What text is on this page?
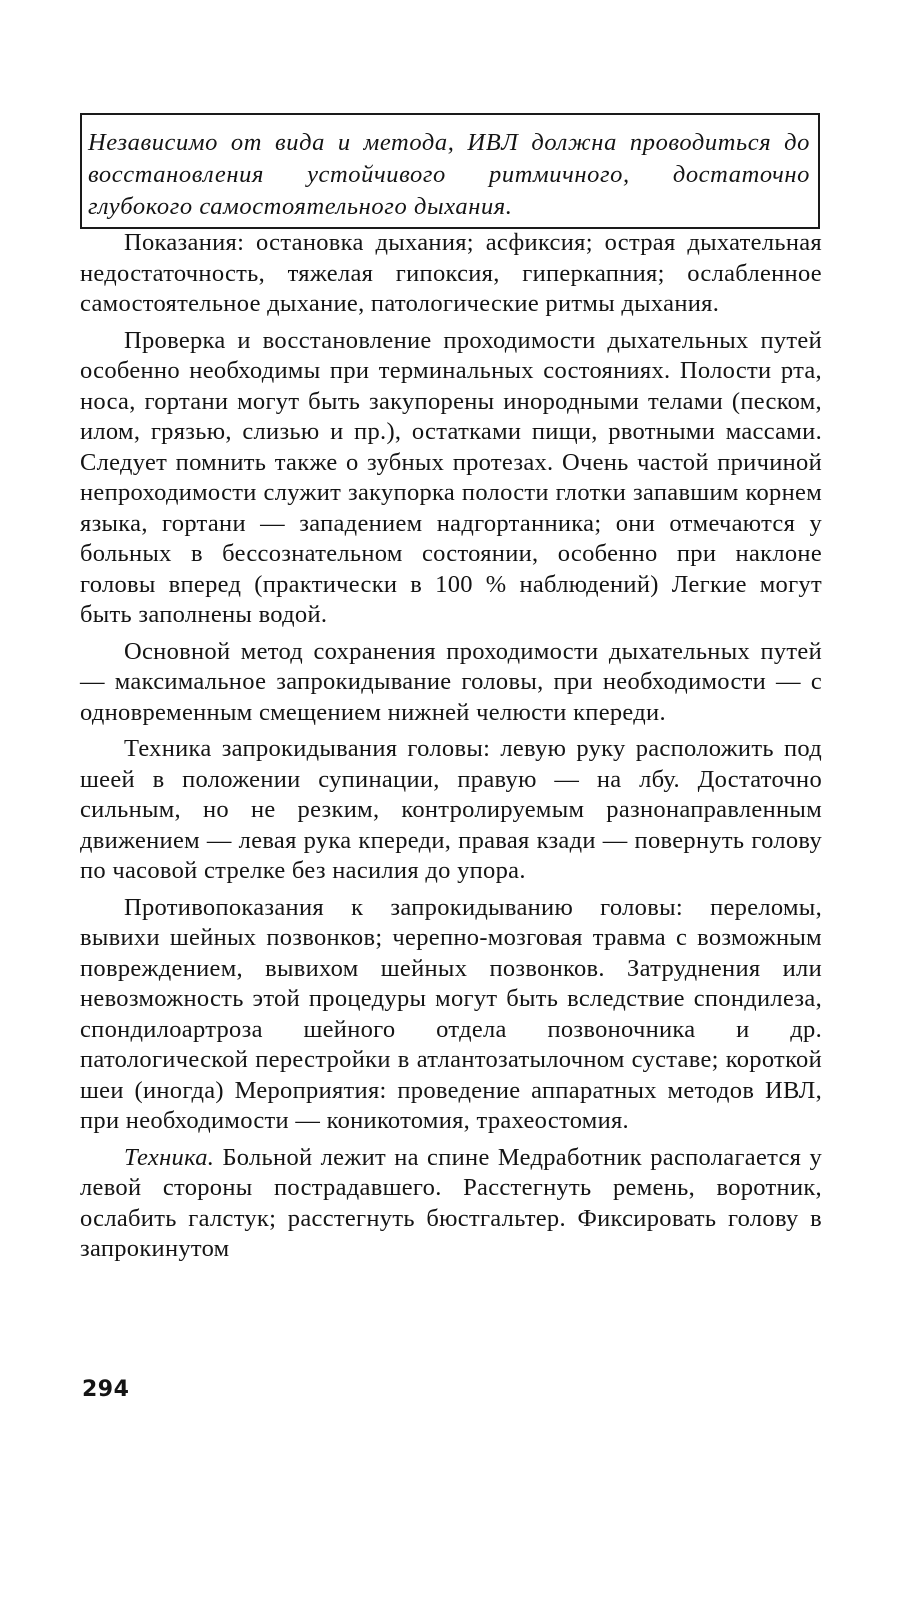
Независимо от вида и метода, ИВЛ должна проводиться до восстановления устойчивого ритмичного, достаточно глубокого самостоятельного дыхания.

Показания: остановка дыхания; асфиксия; острая дыхательная недостаточность, тяжелая гипоксия, гиперкапния; ослабленное самостоятельное дыхание, патологические ритмы дыхания.

Проверка и восстановление проходимости дыхательных путей особенно необходимы при терминальных состояниях. Полости рта, носа, гортани могут быть закупорены инородными телами (песком, илом, грязью, слизью и пр.), остатками пищи, рвотными массами. Следует помнить также о зубных протезах. Очень частой причиной непроходимости служит закупорка полости глотки запавшим корнем языка, гортани — западением надгортанника; они отмечаются у больных в бессознательном состоянии, особенно при наклоне головы вперед (практически в 100 % наблюдений) Легкие могут быть заполнены водой.

Основной метод сохранения проходимости дыхательных путей — максимальное запрокидывание головы, при необходимости — с одновременным смещением нижней челюсти кпереди.

Техника запрокидывания головы: левую руку расположить под шеей в положении супинации, правую — на лбу. Достаточно сильным, но не резким, контролируемым разнонаправленным движением — левая рука кпереди, правая кзади — повернуть голову по часовой стрелке без насилия до упора.

Противопоказания к запрокидыванию головы: переломы, вывихи шейных позвонков; черепно-мозговая травма с возможным повреждением, вывихом шейных позвонков. Затруднения или невозможность этой процедуры могут быть вследствие спондилеза, спондилоартроза шейного отдела позвоночника и др. патологической перестройки в атлантозатылочном суставе; короткой шеи (иногда) Мероприятия: проведение аппаратных методов ИВЛ, при необходимости — коникотомия, трахеостомия.

Техника. Больной лежит на спине Медработник располагается у левой стороны пострадавшего. Расстегнуть ремень, воротник, ослабить галстук; расстегнуть бюстгальтер. Фиксировать голову в запрокинутом

294
